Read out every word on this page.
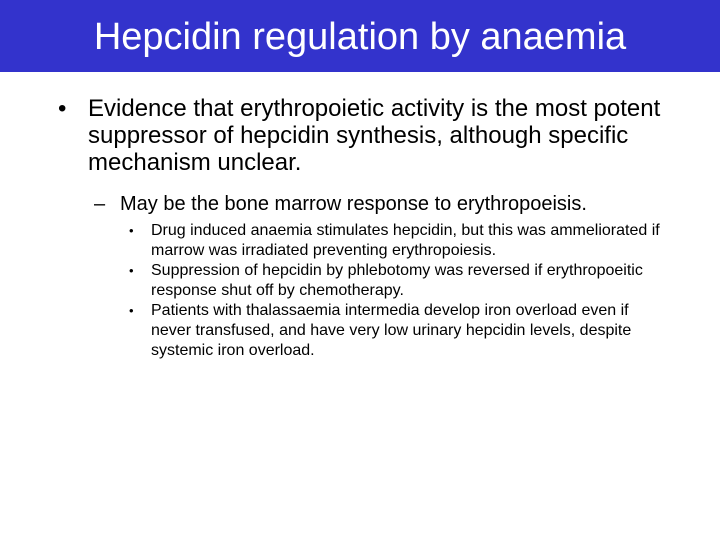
Hepcidin regulation by anaemia
• Evidence that erythropoietic activity is the most potent suppressor of hepcidin synthesis, although specific mechanism unclear.
– May be the bone marrow response to erythropoeisis.
• Drug induced anaemia stimulates hepcidin, but this was ammeliorated if marrow was irradiated preventing erythropoiesis.
• Suppression of hepcidin by phlebotomy was reversed if erythropoeitic response shut off by chemotherapy.
• Patients with thalassaemia intermedia develop iron overload even if never transfused, and have very low urinary hepcidin levels, despite systemic iron overload.
